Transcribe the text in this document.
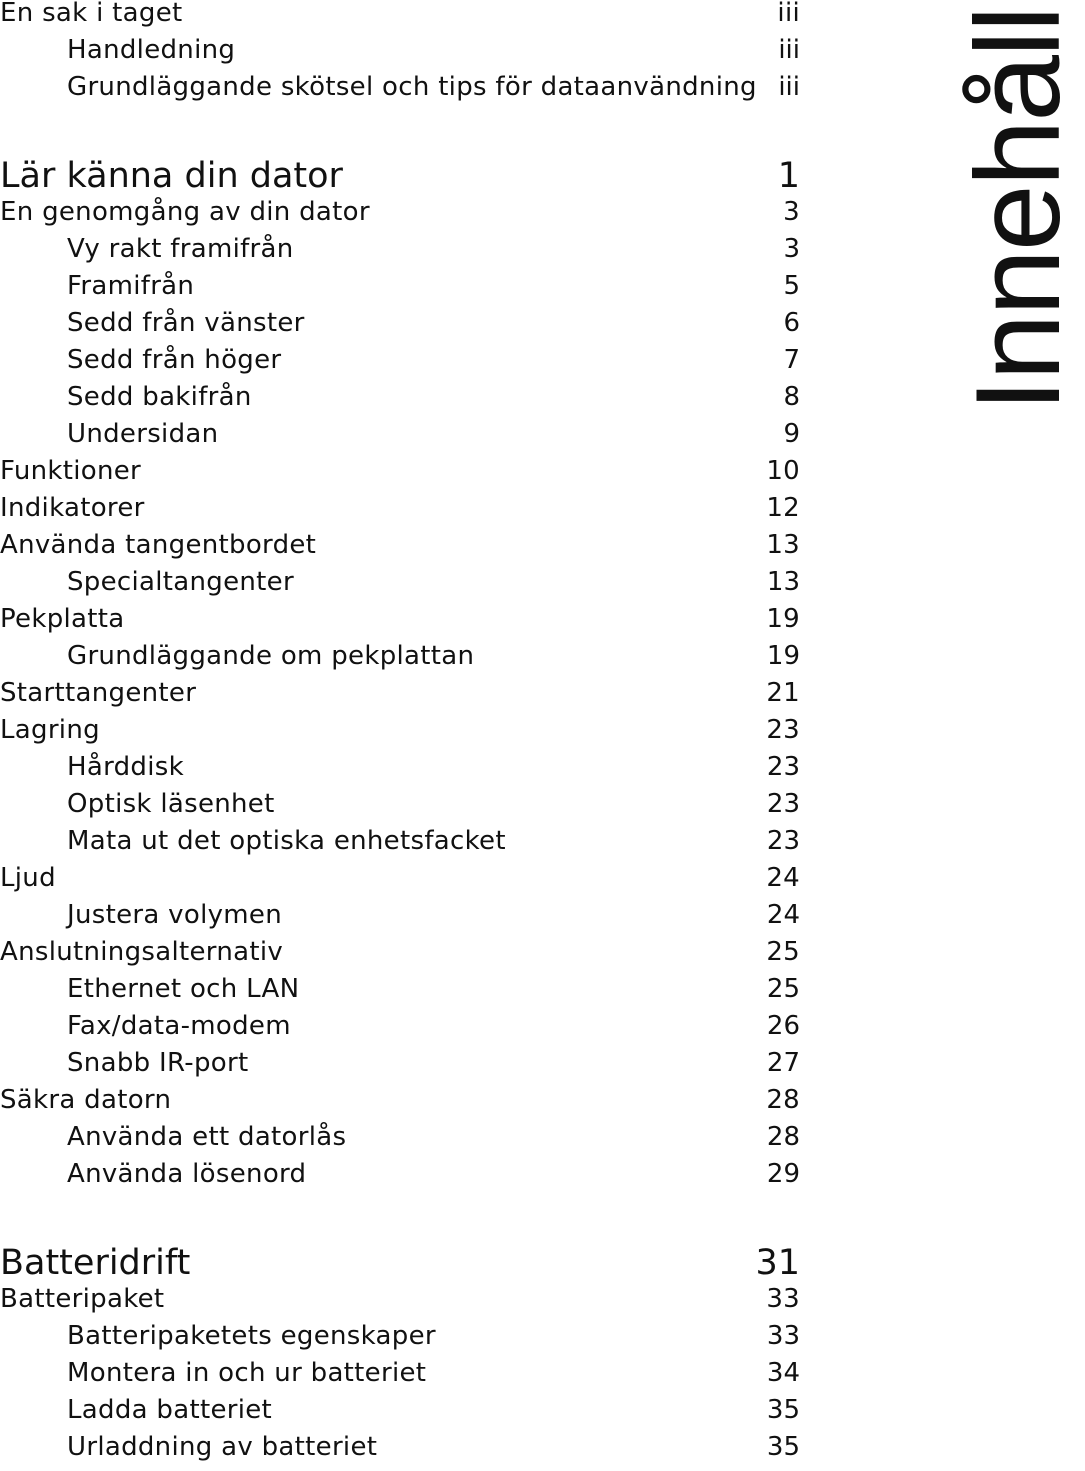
En sak i taget	iii
Handledning	iii
Grundläggande skötsel och tips för dataanvändning iii
Lär känna din dator	1
En genomgång av din dator	3
Vy rakt framifrån	3
Framifrån	5
Sedd från vänster	6
Sedd från höger	7
Sedd bakifrån	8
Undersidan	9
Funktioner	10
Indikatorer	12
Använda tangentbordet	13
Specialtangenter	13
Pekplatta	19
Grundläggande om pekplattan	19
Starttangenter	21
Lagring	23
Hårddisk	23
Optisk läsenhet	23
Mata ut det optiska enhetsfacket	23
Ljud	24
Justera volymen	24
Anslutningsalternativ	25
Ethernet och LAN	25
Fax/data-modem	26
Snabb IR-port	27
Säkra datorn	28
Använda ett datorlås	28
Använda lösenord	29
Batteridrift	31
Batteripaket	33
Batteripaketets egenskaper	33
Montera in och ur batteriet	34
Ladda batteriet	35
Urladdning av batteriet	35
Innehåll
